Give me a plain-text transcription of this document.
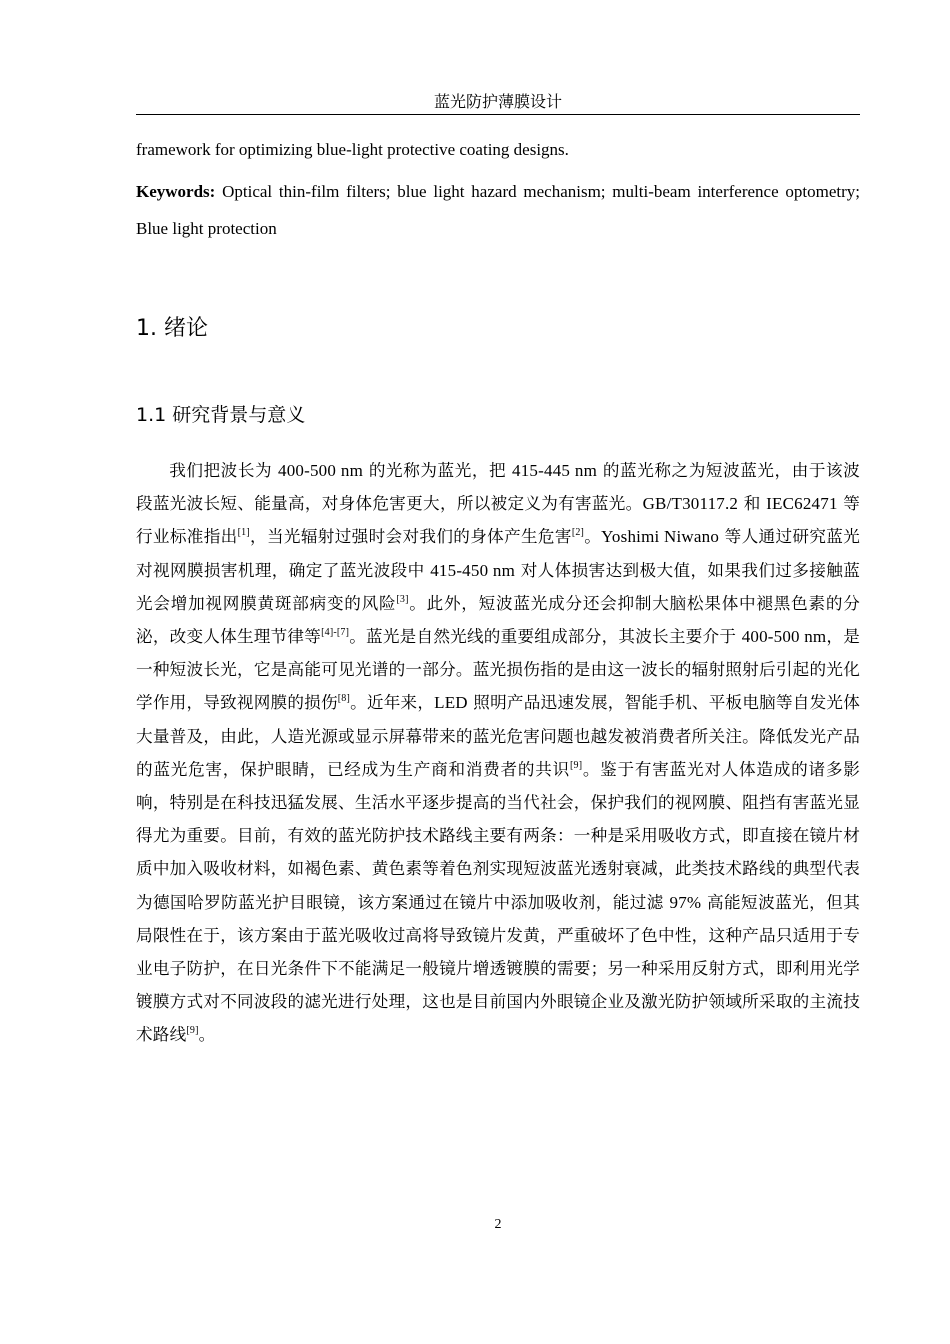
蓝光防护薄膜设计
framework for optimizing blue-light protective coating designs.
Keywords: Optical thin-film filters; blue light hazard mechanism; multi-beam interference optometry; Blue light protection
1. 绪论
1.1 研究背景与意义

我们把波长为 400-500 nm 的光称为蓝光，把 415-445 nm 的蓝光称之为短波蓝光，由于该波段蓝光波长短、能量高，对身体危害更大，所以被定义为有害蓝光。GB/T30117.2 和 IEC62471 等行业标准指出[1]，当光辐射过强时会对我们的身体产生危害[2]。Yoshimi Niwano 等人通过研究蓝光对视网膜损害机理，确定了蓝光波段中 415-450 nm 对人体损害达到极大值，如果我们过多接触蓝光会增加视网膜黄斑部病变的风险[3]。此外，短波蓝光成分还会抑制大脑松果体中褪黑色素的分泌，改变人体生理节律等[4]-[7]。蓝光是自然光线的重要组成部分，其波长主要介于 400-500 nm，是一种短波长光，它是高能可见光谱的一部分。蓝光损伤指的是由这一波长的辐射照射后引起的光化学作用，导致视网膜的损伤[8]。近年来，LED 照明产品迅速发展，智能手机、平板电脑等自发光体大量普及，由此，人造光源或显示屏幕带来的蓝光危害问题也越发被消费者所关注。降低发光产品的蓝光危害，保护眼睛，已经成为生产商和消费者的共识[9]。鉴于有害蓝光对人体造成的诸多影响，特别是在科技迅猛发展、生活水平逐步提高的当代社会，保护我们的视网膜、阻挡有害蓝光显得尤为重要。目前，有效的蓝光防护技术路线主要有两条：一种是采用吸收方式，即直接在镜片材质中加入吸收材料，如褐色素、黄色素等着色剂实现短波蓝光透射衰减，此类技术路线的典型代表为德国哈罗防蓝光护目眼镜，该方案通过在镜片中添加吸收剂，能过滤 97% 高能短波蓝光，但其局限性在于，该方案由于蓝光吸收过高将导致镜片发黄，严重破坏了色中性，这种产品只适用于专业电子防护，在日光条件下不能满足一般镜片增透镀膜的需要；另一种采用反射方式，即利用光学镀膜方式对不同波段的滤光进行处理，这也是目前国内外眼镜企业及激光防护领域所采取的主流技术路线[9]。

2
